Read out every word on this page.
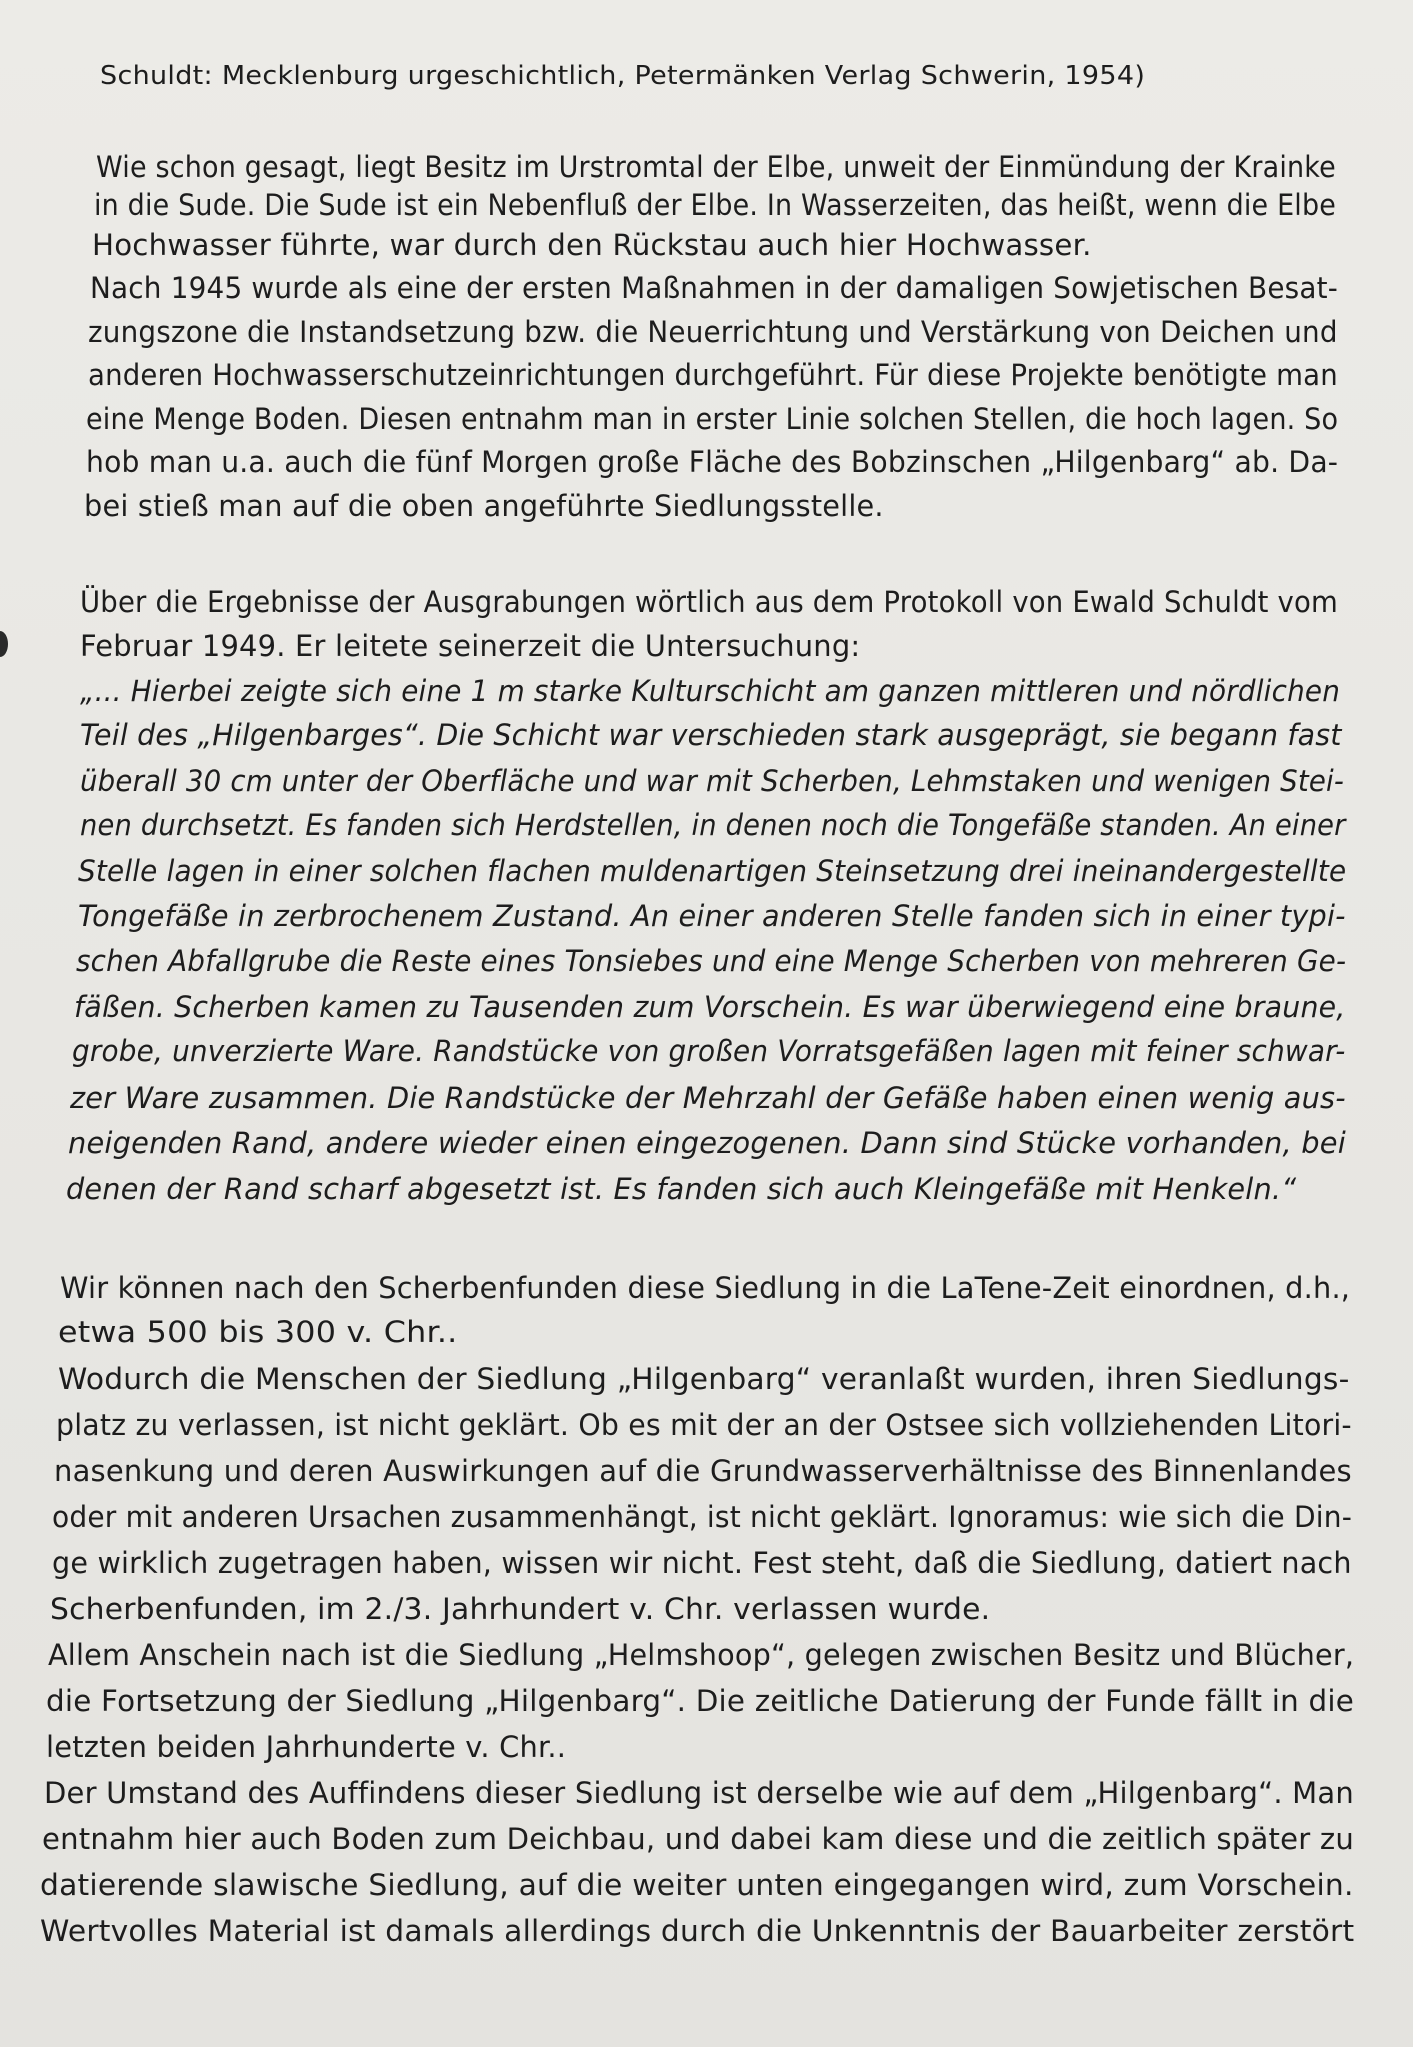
Schuldt: Mecklenburg urgeschichtlich, Petermänken Verlag Schwerin, 1954)
Wie schon gesagt, liegt Besitz im Urstromtal der Elbe, unweit der Einmündung der Krainke
in die Sude. Die Sude ist ein Nebenfluß der Elbe. In Wasserzeiten, das heißt, wenn die Elbe
Hochwasser führte, war durch den Rückstau auch hier Hochwasser.
Nach 1945 wurde als eine der ersten Maßnahmen in der damaligen Sowjetischen Besat-
zungszone die Instandsetzung bzw. die Neuerrichtung und Verstärkung von Deichen und
anderen Hochwasserschutzeinrichtungen durchgeführt. Für diese Projekte benötigte man
eine Menge Boden. Diesen entnahm man in erster Linie solchen Stellen, die hoch lagen. So
hob man u.a. auch die fünf Morgen große Fläche des Bobzinschen „Hilgenbarg“ ab. Da-
bei stieß man auf die oben angeführte Siedlungsstelle.
Über die Ergebnisse der Ausgrabungen wörtlich aus dem Protokoll von Ewald Schuldt vom
Februar 1949. Er leitete seinerzeit die Untersuchung:
„... Hierbei zeigte sich eine 1 m starke Kulturschicht am ganzen mittleren und nördlichen
Teil des „Hilgenbarges“. Die Schicht war verschieden stark ausgeprägt, sie begann fast
überall 30 cm unter der Oberfläche und war mit Scherben, Lehmstaken und wenigen Stei-
nen durchsetzt. Es fanden sich Herdstellen, in denen noch die Tongefäße standen. An einer
Stelle lagen in einer solchen flachen muldenartigen Steinsetzung drei ineinandergestellte
Tongefäße in zerbrochenem Zustand. An einer anderen Stelle fanden sich in einer typi-
schen Abfallgrube die Reste eines Tonsiebes und eine Menge Scherben von mehreren Ge-
fäßen. Scherben kamen zu Tausenden zum Vorschein. Es war überwiegend eine braune,
grobe, unverzierte Ware. Randstücke von großen Vorratsgefäßen lagen mit feiner schwar-
zer Ware zusammen. Die Randstücke der Mehrzahl der Gefäße haben einen wenig aus-
neigenden Rand, andere wieder einen eingezogenen. Dann sind Stücke vorhanden, bei
denen der Rand scharf abgesetzt ist. Es fanden sich auch Kleingefäße mit Henkeln.“
Wir können nach den Scherbenfunden diese Siedlung in die LaTene-Zeit einordnen, d.h.,
etwa 500 bis 300 v. Chr..
Wodurch die Menschen der Siedlung „Hilgenbarg“ veranlaßt wurden, ihren Siedlungs-
platz zu verlassen, ist nicht geklärt. Ob es mit der an der Ostsee sich vollziehenden Litori-
nasenkung und deren Auswirkungen auf die Grundwasserverhältnisse des Binnenlandes
oder mit anderen Ursachen zusammenhängt, ist nicht geklärt. Ignoramus: wie sich die Din-
ge wirklich zugetragen haben, wissen wir nicht. Fest steht, daß die Siedlung, datiert nach
Scherbenfunden, im 2./3. Jahrhundert v. Chr. verlassen wurde.
Allem Anschein nach ist die Siedlung „Helmshoop“, gelegen zwischen Besitz und Blücher,
die Fortsetzung der Siedlung „Hilgenbarg“. Die zeitliche Datierung der Funde fällt in die
letzten beiden Jahrhunderte v. Chr..
Der Umstand des Auffindens dieser Siedlung ist derselbe wie auf dem „Hilgenbarg“. Man
entnahm hier auch Boden zum Deichbau, und dabei kam diese und die zeitlich später zu
datierende slawische Siedlung, auf die weiter unten eingegangen wird, zum Vorschein.
Wertvolles Material ist damals allerdings durch die Unkenntnis der Bauarbeiter zerstört
